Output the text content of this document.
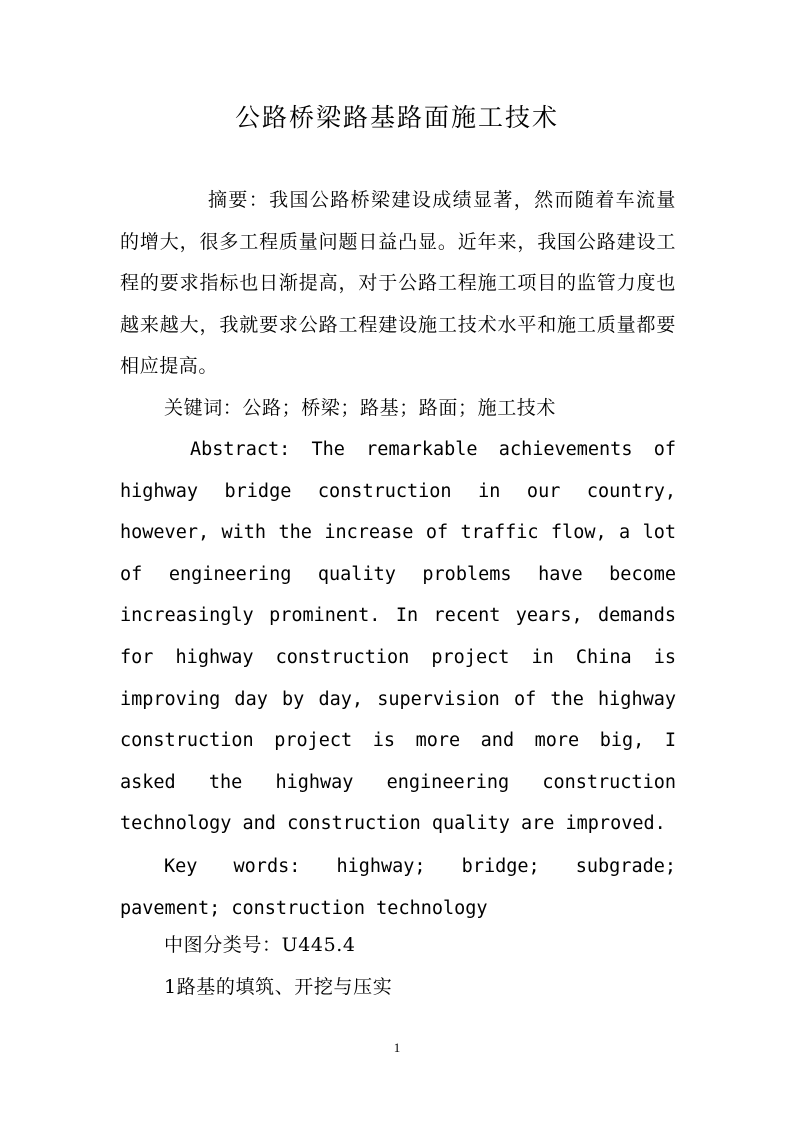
公路桥梁路基路面施工技术

摘要：我国公路桥梁建设成绩显著，然而随着车流量的增大，很多工程质量问题日益凸显。近年来，我国公路建设工程的要求指标也日渐提高，对于公路工程施工项目的监管力度也越来越大，我就要求公路工程建设施工技术水平和施工质量都要相应提高。

关键词：公路；桥梁；路基；路面；施工技术

Abstract: The remarkable achievements of highway bridge construction in our country, however, with the increase of traffic flow, a lot of engineering quality problems have become increasingly prominent. In recent years, demands for highway construction project in China is improving day by day, supervision of the highway construction project is more and more big, I asked the highway engineering construction technology and construction quality are improved.

Key words: highway; bridge; subgrade; pavement; construction technology

中图分类号：U445.4

1路基的填筑、开挖与压实

1
